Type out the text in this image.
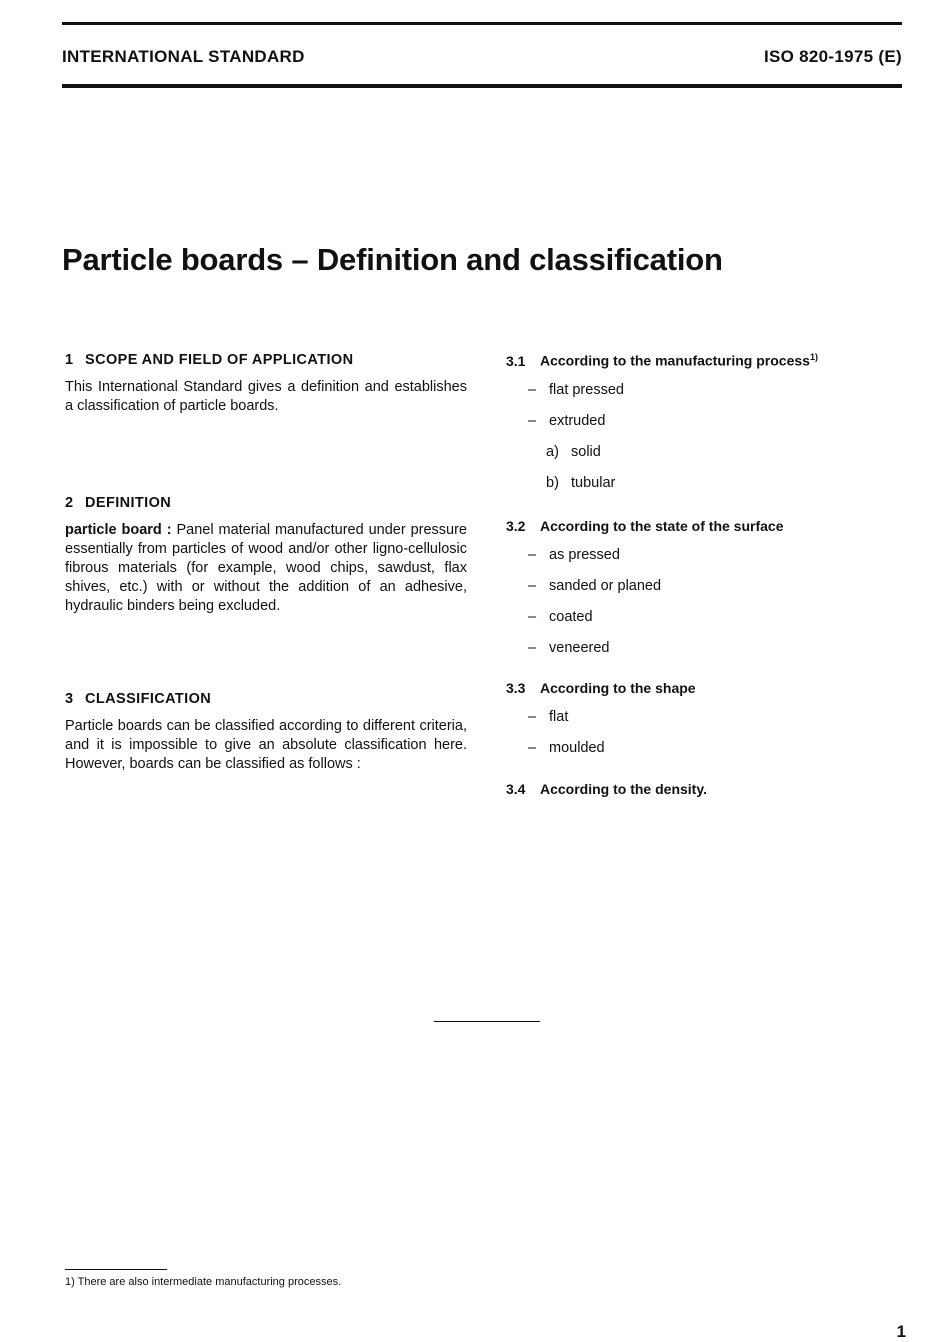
INTERNATIONAL STANDARD	ISO 820-1975 (E)
Particle boards – Definition and classification
1 SCOPE AND FIELD OF APPLICATION

This International Standard gives a definition and establishes a classification of particle boards.

2 DEFINITION

particle board : Panel material manufactured under pressure essentially from particles of wood and/or other ligno-cellulosic fibrous materials (for example, wood chips, sawdust, flax shives, etc.) with or without the addition of an adhesive, hydraulic binders being excluded.

3 CLASSIFICATION

Particle boards can be classified according to different criteria, and it is impossible to give an absolute classification here. However, boards can be classified as follows :

3.1 According to the manufacturing process$^{1)}$

– flat pressed

– extruded

a) solid

b) tubular

3.2 According to the state of the surface

– as pressed

– sanded or planed

– coated

– veneered

3.3 According to the shape

– flat

– moulded

3.4 According to the density.
1) There are also intermediate manufacturing processes.
1
